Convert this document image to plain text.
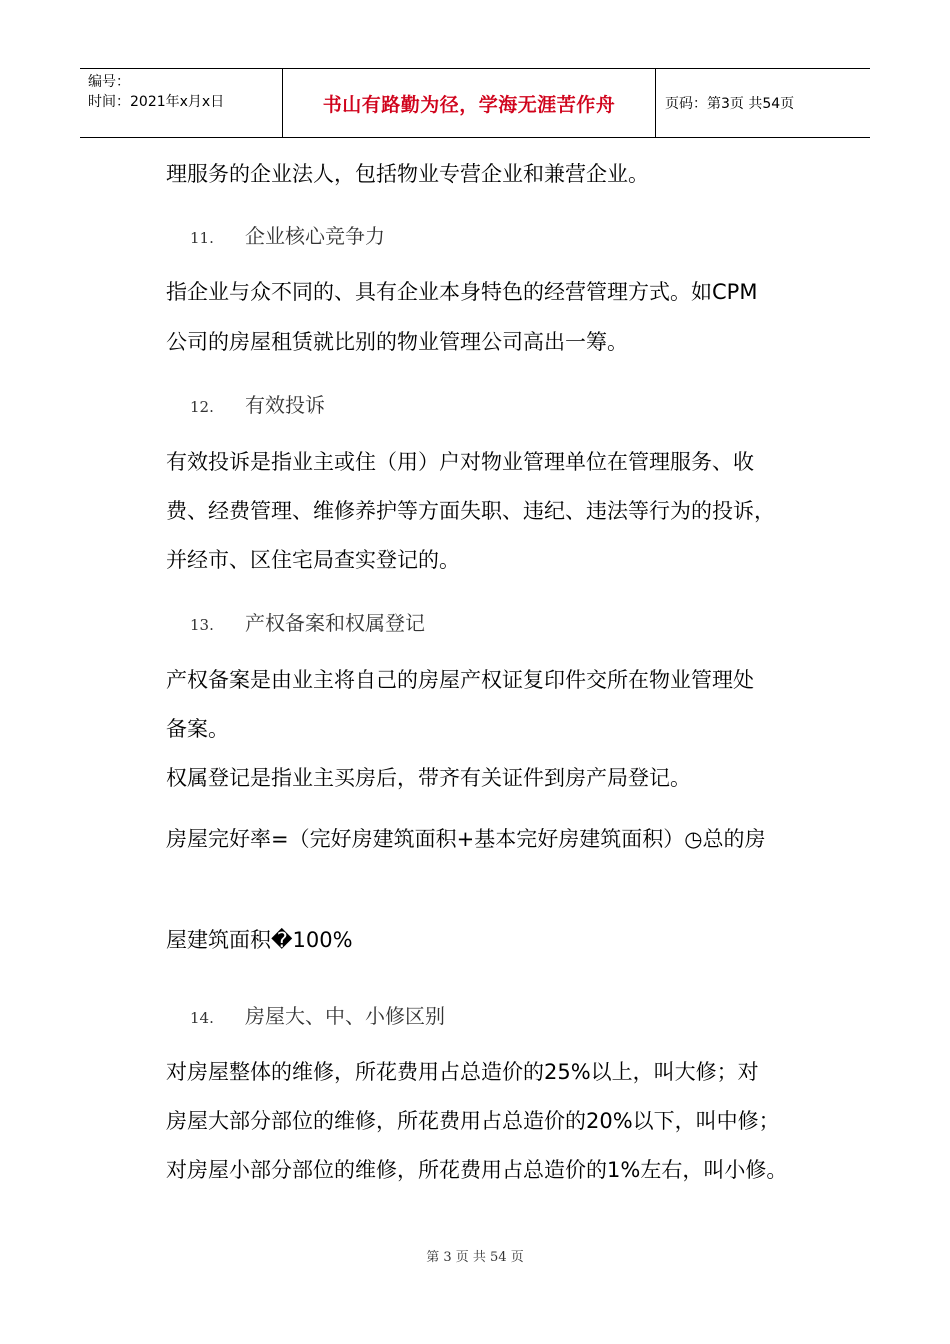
编号：
时间：2021年x月x日	书山有路勤为径，学海无涯苦作舟	页码：第3页 共54页
理服务的企业法人，包括物业专营企业和兼营企业。
11. 企业核心竞争力
指企业与众不同的、具有企业本身特色的经营管理方式。如CPM
公司的房屋租赁就比别的物业管理公司高出一筹。
12. 有效投诉
有效投诉是指业主或住（用）户对物业管理单位在管理服务、收
费、经费管理、维修养护等方面失职、违纪、违法等行为的投诉，
并经市、区住宅局查实登记的。
13. 产权备案和权属登记
产权备案是由业主将自己的房屋产权证复印件交所在物业管理处
备案。
权属登记是指业主买房后，带齐有关证件到房产局登记。
房屋完好率=（完好房建筑面积+基本完好房建筑面积）◷总的房
屋建筑面积�100%
14. 房屋大、中、小修区别
对房屋整体的维修，所花费用占总造价的25%以上，叫大修；对
房屋大部分部位的维修，所花费用占总造价的20%以下，叫中修；
对房屋小部分部位的维修，所花费用占总造价的1%左右，叫小修。
第 3 页 共 54 页
